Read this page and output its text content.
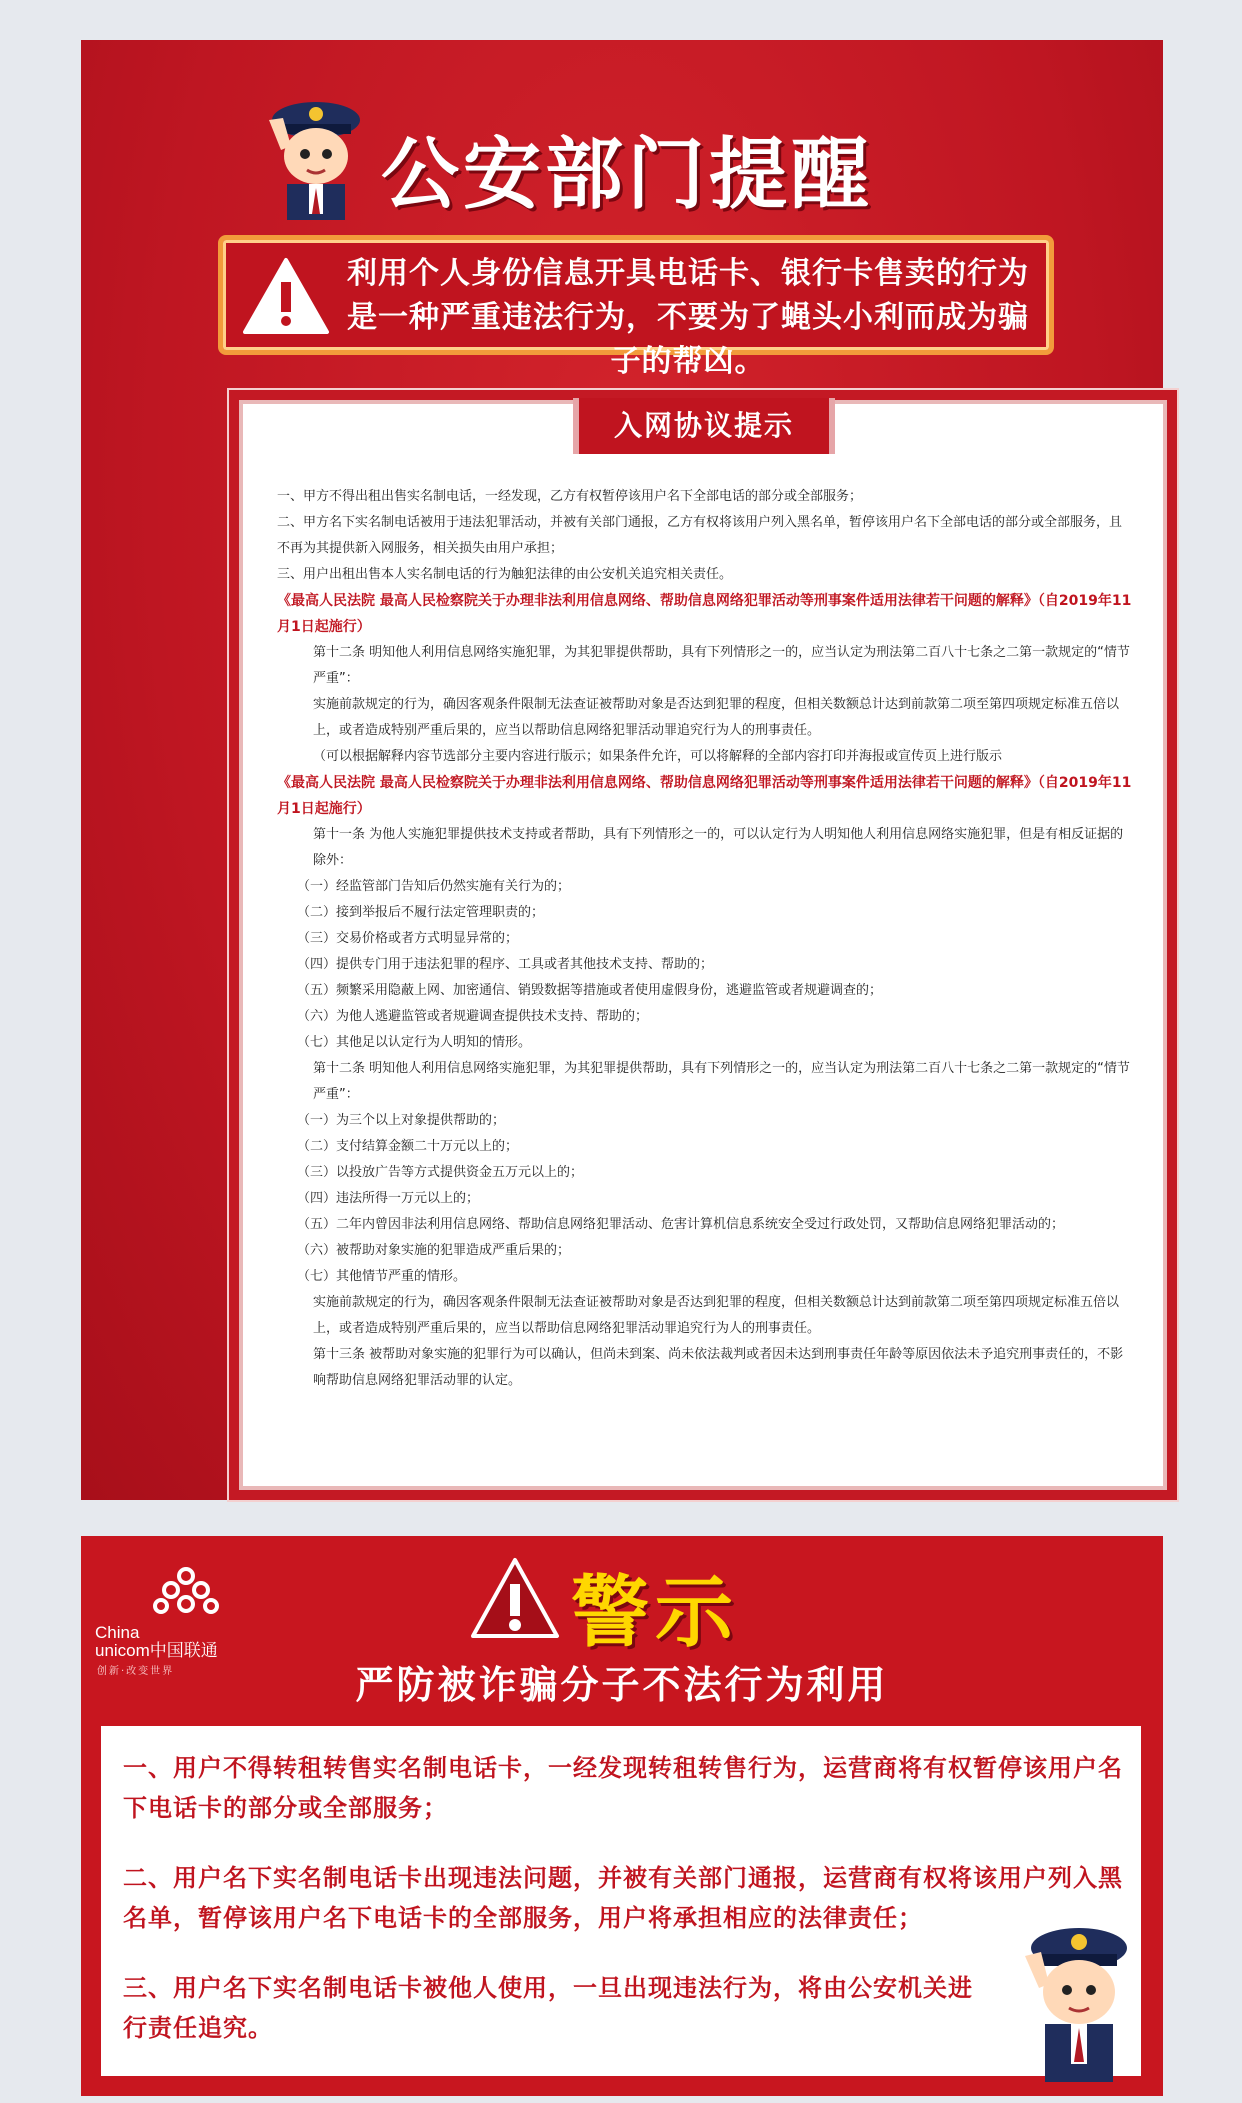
公安部门提醒
利用个人身份信息开具电话卡、银行卡售卖的行为是一种严重违法行为，不要为了蝇头小利而成为骗子的帮凶。
入网协议提示

一、甲方不得出租出售实名制电话，一经发现，乙方有权暂停该用户名下全部电话的部分或全部服务；

二、甲方名下实名制电话被用于违法犯罪活动，并被有关部门通报，乙方有权将该用户列入黑名单，暂停该用户名下全部电话的部分或全部服务，且不再为其提供新入网服务，相关损失由用户承担；

三、用户出租出售本人实名制电话的行为触犯法律的由公安机关追究相关责任。

《最高人民法院 最高人民检察院关于办理非法利用信息网络、帮助信息网络犯罪活动等刑事案件适用法律若干问题的解释》（自2019年11月1日起施行）

第十二条 明知他人利用信息网络实施犯罪，为其犯罪提供帮助，具有下列情形之一的，应当认定为刑法第二百八十七条之二第一款规定的“情节严重”：

实施前款规定的行为，确因客观条件限制无法查证被帮助对象是否达到犯罪的程度，但相关数额总计达到前款第二项至第四项规定标准五倍以上，或者造成特别严重后果的，应当以帮助信息网络犯罪活动罪追究行为人的刑事责任。

（可以根据解释内容节选部分主要内容进行版示；如果条件允许，可以将解释的全部内容打印并海报或宣传页上进行版示

《最高人民法院 最高人民检察院关于办理非法利用信息网络、帮助信息网络犯罪活动等刑事案件适用法律若干问题的解释》（自2019年11月1日起施行）

第十一条 为他人实施犯罪提供技术支持或者帮助，具有下列情形之一的，可以认定行为人明知他人利用信息网络实施犯罪，但是有相反证据的除外：

（一）经监管部门告知后仍然实施有关行为的；

（二）接到举报后不履行法定管理职责的；

（三）交易价格或者方式明显异常的；

（四）提供专门用于违法犯罪的程序、工具或者其他技术支持、帮助的；

（五）频繁采用隐蔽上网、加密通信、销毁数据等措施或者使用虚假身份，逃避监管或者规避调查的；

（六）为他人逃避监管或者规避调查提供技术支持、帮助的；

（七）其他足以认定行为人明知的情形。

第十二条 明知他人利用信息网络实施犯罪，为其犯罪提供帮助，具有下列情形之一的，应当认定为刑法第二百八十七条之二第一款规定的“情节严重”：

（一）为三个以上对象提供帮助的；

（二）支付结算金额二十万元以上的；

（三）以投放广告等方式提供资金五万元以上的；

（四）违法所得一万元以上的；

（五）二年内曾因非法利用信息网络、帮助信息网络犯罪活动、危害计算机信息系统安全受过行政处罚，又帮助信息网络犯罪活动的；

（六）被帮助对象实施的犯罪造成严重后果的；

（七）其他情节严重的情形。

实施前款规定的行为，确因客观条件限制无法查证被帮助对象是否达到犯罪的程度，但相关数额总计达到前款第二项至第四项规定标准五倍以上，或者造成特别严重后果的，应当以帮助信息网络犯罪活动罪追究行为人的刑事责任。

第十三条 被帮助对象实施的犯罪行为可以确认，但尚未到案、尚未依法裁判或者因未达到刑事责任年龄等原因依法未予追究刑事责任的，不影响帮助信息网络犯罪活动罪的认定。

China
unicom中国联通
创新·改变世界
警示
严防被诈骗分子不法行为利用

一、用户不得转租转售实名制电话卡，一经发现转租转售行为，运营商将有权暂停该用户名下电话卡的部分或全部服务；

二、用户名下实名制电话卡出现违法问题，并被有关部门通报，运营商有权将该用户列入黑名单，暂停该用户名下电话卡的全部服务，用户将承担相应的法律责任；

三、用户名下实名制电话卡被他人使用，一旦出现违法行为，将由公安机关进行责任追究。
